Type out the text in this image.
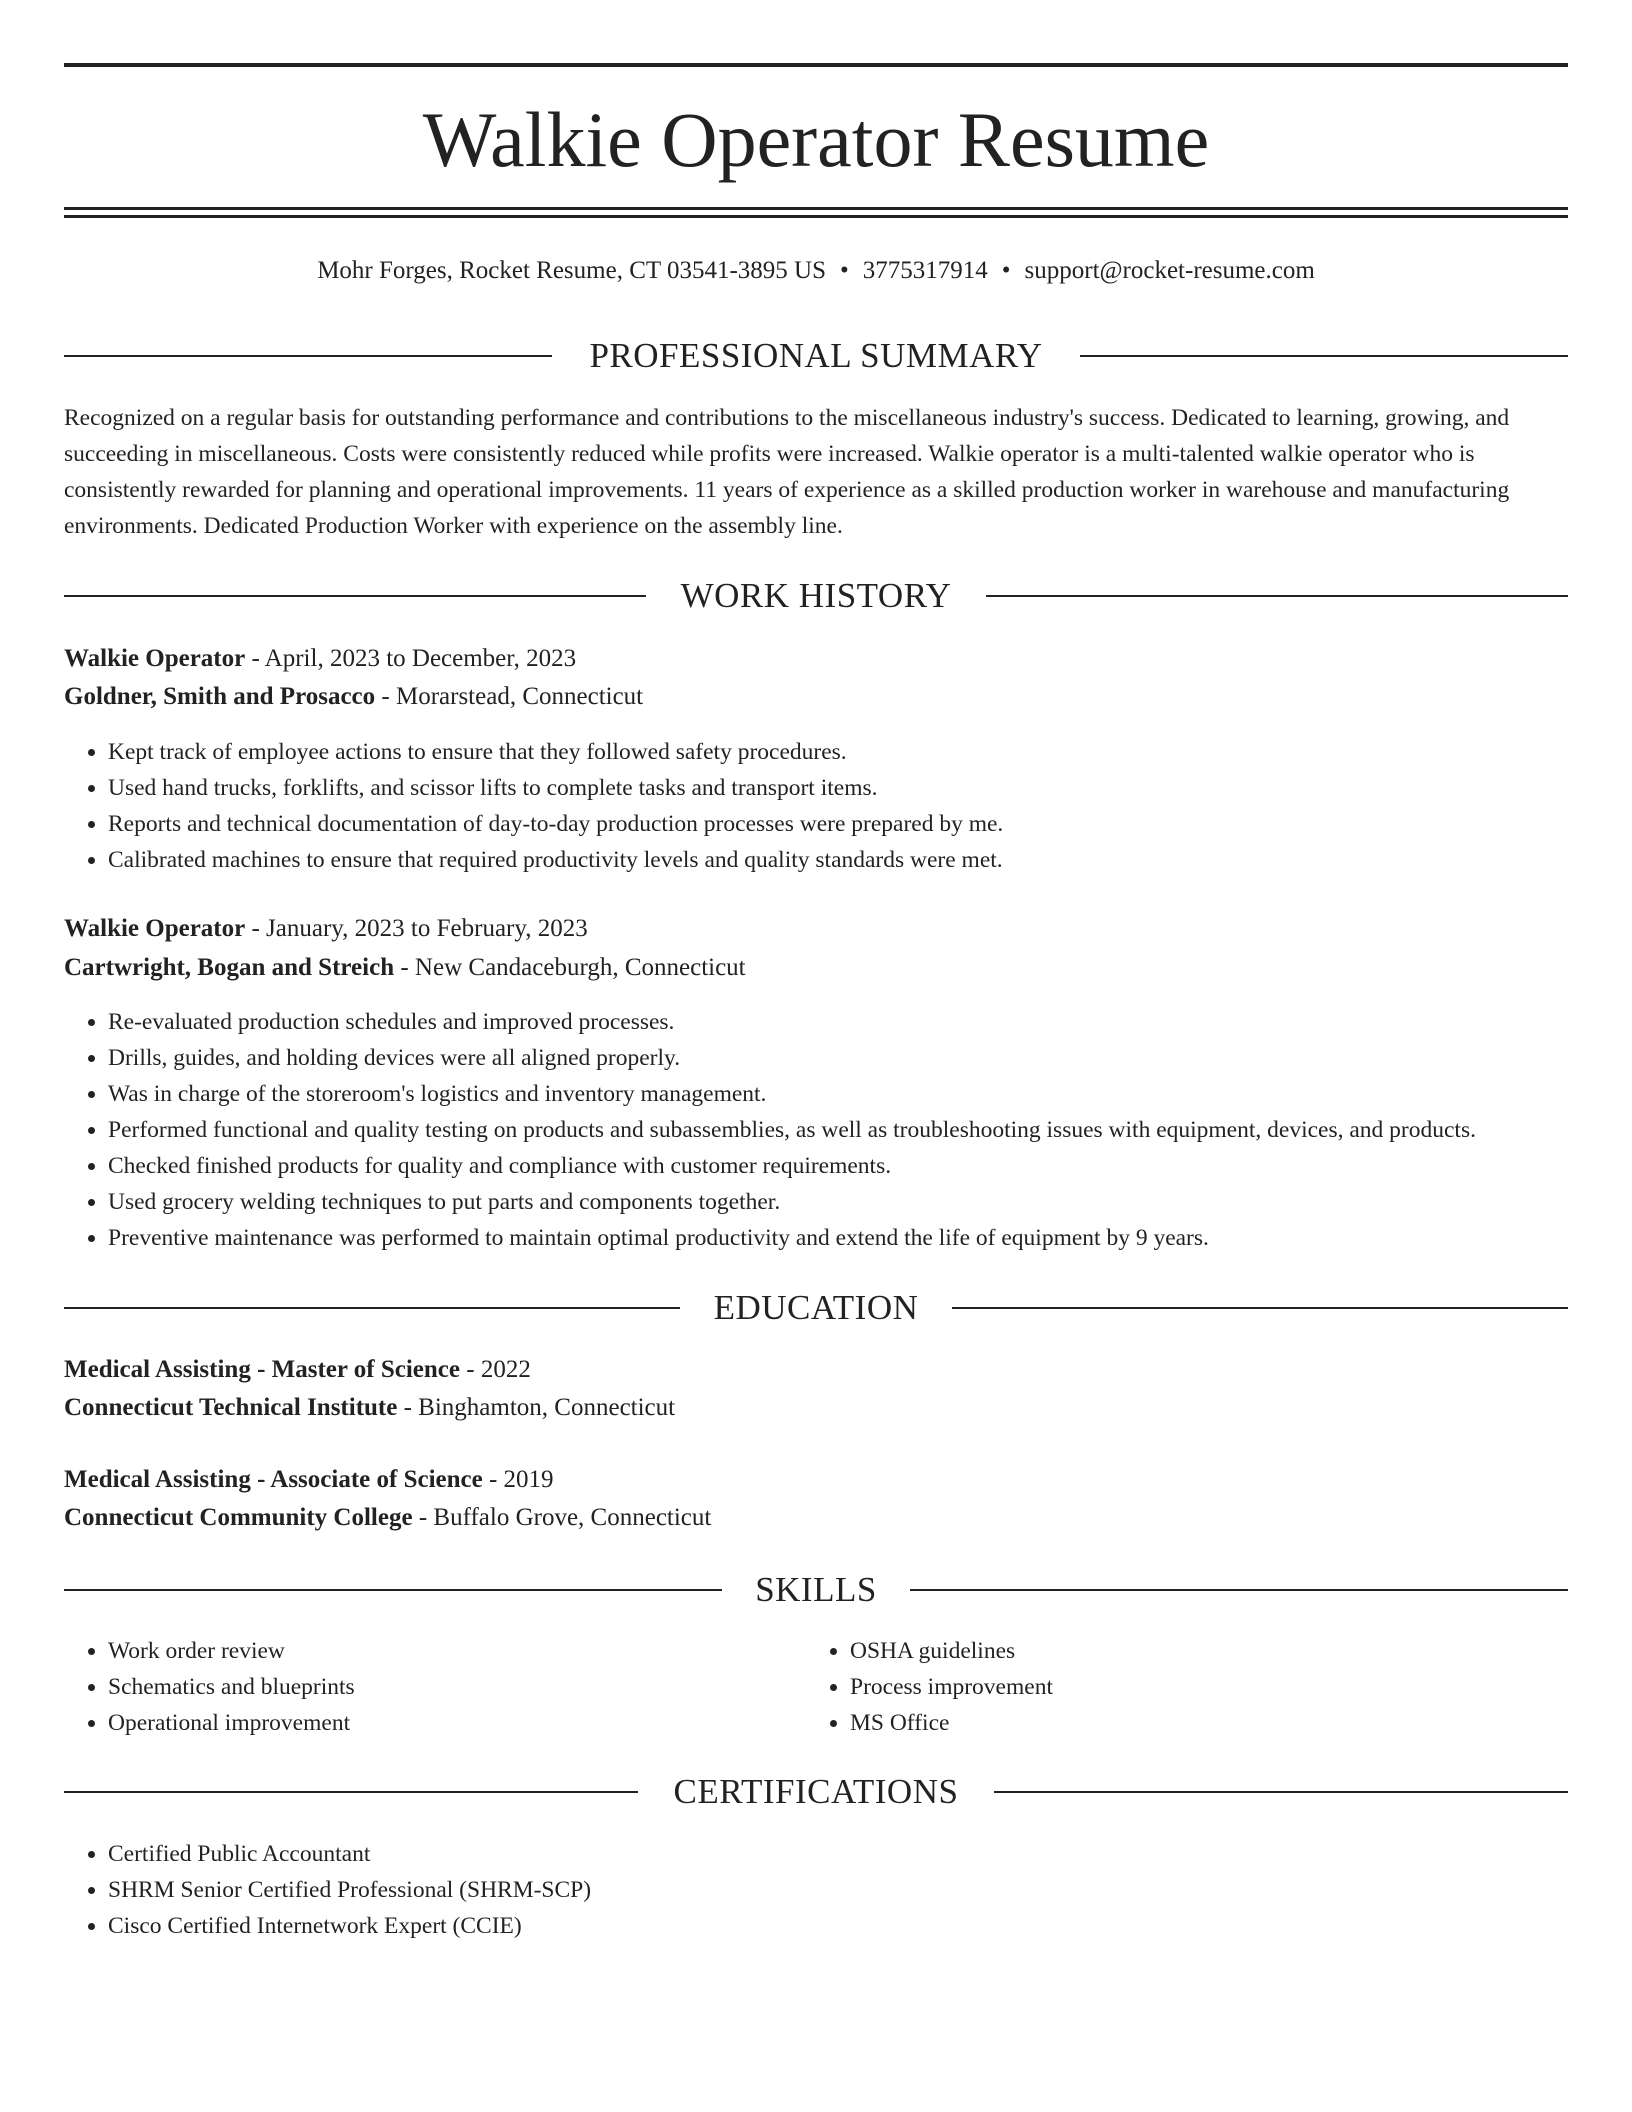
Walkie Operator Resume
Mohr Forges, Rocket Resume, CT 03541-3895 US • 3775317914 • support@rocket-resume.com
PROFESSIONAL SUMMARY
Recognized on a regular basis for outstanding performance and contributions to the miscellaneous industry's success. Dedicated to learning, growing, and succeeding in miscellaneous. Costs were consistently reduced while profits were increased. Walkie operator is a multi-talented walkie operator who is consistently rewarded for planning and operational improvements. 11 years of experience as a skilled production worker in warehouse and manufacturing environments. Dedicated Production Worker with experience on the assembly line.
WORK HISTORY
Walkie Operator - April, 2023 to December, 2023
Goldner, Smith and Prosacco - Morarstead, Connecticut
• Kept track of employee actions to ensure that they followed safety procedures.
• Used hand trucks, forklifts, and scissor lifts to complete tasks and transport items.
• Reports and technical documentation of day-to-day production processes were prepared by me.
• Calibrated machines to ensure that required productivity levels and quality standards were met.
Walkie Operator - January, 2023 to February, 2023
Cartwright, Bogan and Streich - New Candaceburgh, Connecticut
• Re-evaluated production schedules and improved processes.
• Drills, guides, and holding devices were all aligned properly.
• Was in charge of the storeroom's logistics and inventory management.
• Performed functional and quality testing on products and subassemblies, as well as troubleshooting issues with equipment, devices, and products.
• Checked finished products for quality and compliance with customer requirements.
• Used grocery welding techniques to put parts and components together.
• Preventive maintenance was performed to maintain optimal productivity and extend the life of equipment by 9 years.
EDUCATION
Medical Assisting - Master of Science - 2022
Connecticut Technical Institute - Binghamton, Connecticut
Medical Assisting - Associate of Science - 2019
Connecticut Community College - Buffalo Grove, Connecticut
SKILLS
• Work order review
• Schematics and blueprints
• Operational improvement
• OSHA guidelines
• Process improvement
• MS Office
CERTIFICATIONS
• Certified Public Accountant
• SHRM Senior Certified Professional (SHRM-SCP)
• Cisco Certified Internetwork Expert (CCIE)
